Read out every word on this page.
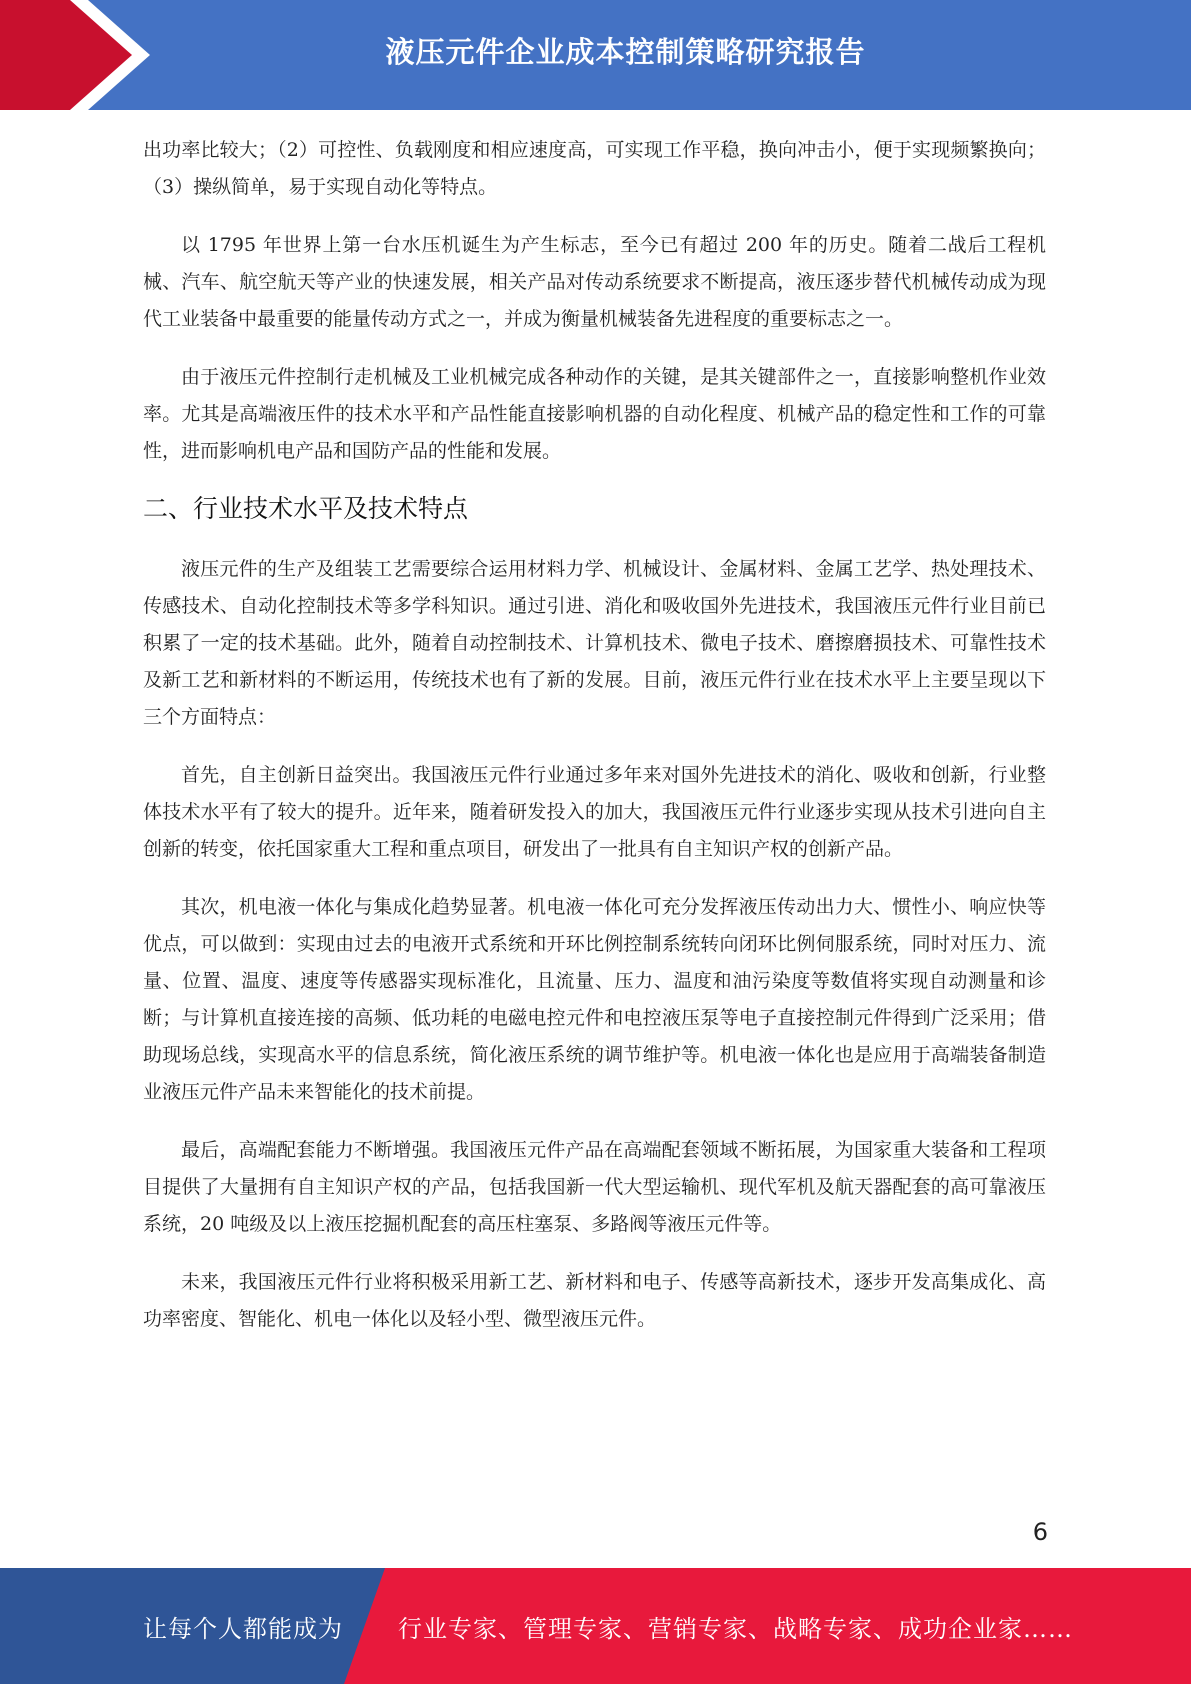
液压元件企业成本控制策略研究报告

出功率比较大；（2）可控性、负载刚度和相应速度高，可实现工作平稳，换向冲击小，便于实现频繁换向；（3）操纵简单，易于实现自动化等特点。

以 1795 年世界上第一台水压机诞生为产生标志，至今已有超过 200 年的历史。随着二战后工程机械、汽车、航空航天等产业的快速发展，相关产品对传动系统要求不断提高，液压逐步替代机械传动成为现代工业装备中最重要的能量传动方式之一，并成为衡量机械装备先进程度的重要标志之一。

由于液压元件控制行走机械及工业机械完成各种动作的关键，是其关键部件之一，直接影响整机作业效率。尤其是高端液压件的技术水平和产品性能直接影响机器的自动化程度、机械产品的稳定性和工作的可靠性，进而影响机电产品和国防产品的性能和发展。

二、行业技术水平及技术特点

液压元件的生产及组装工艺需要综合运用材料力学、机械设计、金属材料、金属工艺学、热处理技术、传感技术、自动化控制技术等多学科知识。通过引进、消化和吸收国外先进技术，我国液压元件行业目前已积累了一定的技术基础。此外，随着自动控制技术、计算机技术、微电子技术、磨擦磨损技术、可靠性技术及新工艺和新材料的不断运用，传统技术也有了新的发展。目前，液压元件行业在技术水平上主要呈现以下三个方面特点：

首先，自主创新日益突出。我国液压元件行业通过多年来对国外先进技术的消化、吸收和创新，行业整体技术水平有了较大的提升。近年来，随着研发投入的加大，我国液压元件行业逐步实现从技术引进向自主创新的转变，依托国家重大工程和重点项目，研发出了一批具有自主知识产权的创新产品。

其次，机电液一体化与集成化趋势显著。机电液一体化可充分发挥液压传动出力大、惯性小、响应快等优点，可以做到：实现由过去的电液开式系统和开环比例控制系统转向闭环比例伺服系统，同时对压力、流量、位置、温度、速度等传感器实现标准化，且流量、压力、温度和油污染度等数值将实现自动测量和诊断；与计算机直接连接的高频、低功耗的电磁电控元件和电控液压泵等电子直接控制元件得到广泛采用；借助现场总线，实现高水平的信息系统，简化液压系统的调节维护等。机电液一体化也是应用于高端装备制造业液压元件产品未来智能化的技术前提。

最后，高端配套能力不断增强。我国液压元件产品在高端配套领域不断拓展，为国家重大装备和工程项目提供了大量拥有自主知识产权的产品，包括我国新一代大型运输机、现代军机及航天器配套的高可靠液压系统，20 吨级及以上液压挖掘机配套的高压柱塞泵、多路阀等液压元件等。

未来，我国液压元件行业将积极采用新工艺、新材料和电子、传感等高新技术，逐步开发高集成化、高功率密度、智能化、机电一体化以及轻小型、微型液压元件。

6
让每个人都能成为 行业专家、管理专家、营销专家、战略专家、成功企业家……
